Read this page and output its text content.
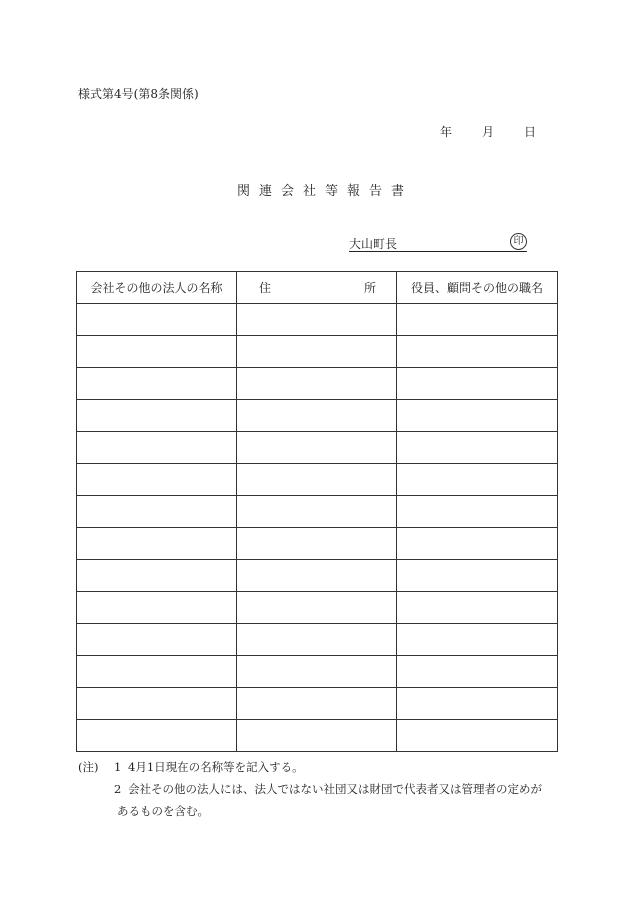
様式第4号(第8条関係)
年	月	日
関連会社等報告書
大山町長	印
会社その他の法人の名称	住 所	役員、顧問その他の職名

(注)	1 4月1日現在の名称等を記入する。
2 会社その他の法人には、法人ではない社団又は財団で代表者又は管理者の定めが
あるものを含む。
